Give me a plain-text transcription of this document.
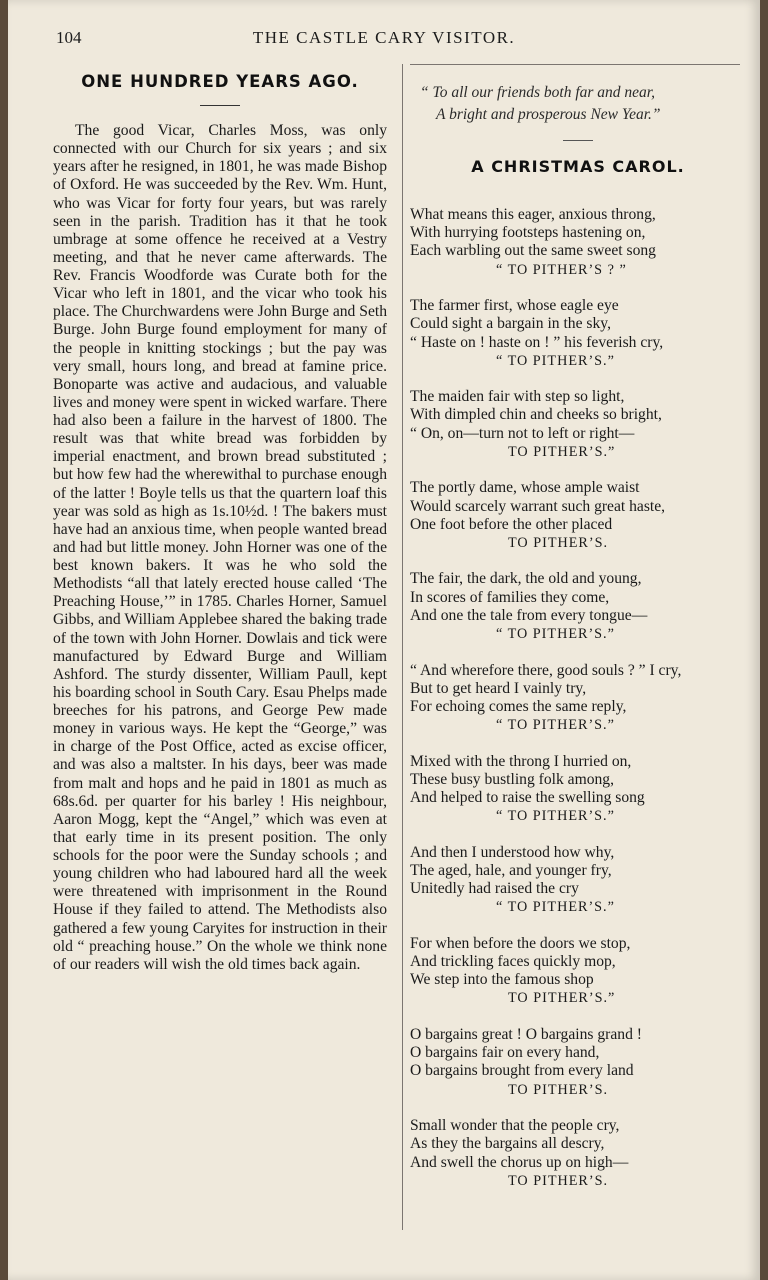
104	THE CASTLE CARY VISITOR.
ONE HUNDRED YEARS AGO.

The good Vicar, Charles Moss, was only connected with our Church for six years ; and six years after he resigned, in 1801, he was made Bishop of Oxford. He was succeeded by the Rev. Wm. Hunt, who was Vicar for forty four years, but was rarely seen in the parish. Tradition has it that he took umbrage at some offence he received at a Vestry meeting, and that he never came afterwards. The Rev. Francis Woodforde was Curate both for the Vicar who left in 1801, and the vicar who took his place. The Churchwardens were John Burge and Seth Burge. John Burge found employment for many of the people in knitting stockings ; but the pay was very small, hours long, and bread at famine price. Bonoparte was active and audacious, and valuable lives and money were spent in wicked warfare. There had also been a failure in the harvest of 1800. The result was that white bread was forbidden by imperial enactment, and brown bread substituted ; but how few had the wherewithal to purchase enough of the latter ! Boyle tells us that the quartern loaf this year was sold as high as 1s.10½d. ! The bakers must have had an anxious time, when people wanted bread and had but little money. John Horner was one of the best known bakers. It was he who sold the Methodists “all that lately erected house called ‘The Preaching House,’” in 1785. Charles Horner, Samuel Gibbs, and William Applebee shared the baking trade of the town with John Horner. Dowlais and tick were manufactured by Edward Burge and William Ashford. The sturdy dissenter, William Paull, kept his boarding school in South Cary. Esau Phelps made breeches for his patrons, and George Pew made money in various ways. He kept the “George,” was in charge of the Post Office, acted as excise officer, and was also a maltster. In his days, beer was made from malt and hops and he paid in 1801 as much as 68s.6d. per quarter for his barley ! His neighbour, Aaron Mogg, kept the “Angel,” which was even at that early time in its present position. The only schools for the poor were the Sunday schools ; and young children who had laboured hard all the week were threatened with imprisonment in the Round House if they failed to attend. The Methodists also gathered a few young Caryites for instruction in their old “ preaching house.” On the whole we think none of our readers will wish the old times back again.

“ To all our friends both far and near,
A bright and prosperous New Year.”
A CHRISTMAS CAROL.
What means this eager, anxious throng,
With hurrying footsteps hastening on,
Each warbling out the same sweet song
“ TO PITHER’S ? ”
The farmer first, whose eagle eye
Could sight a bargain in the sky,
“ Haste on ! haste on ! ” his feverish cry,
“ TO PITHER’S.”
The maiden fair with step so light,
With dimpled chin and cheeks so bright,
“ On, on—turn not to left or right—
TO PITHER’S.”
The portly dame, whose ample waist
Would scarcely warrant such great haste,
One foot before the other placed
TO PITHER’S.
The fair, the dark, the old and young,
In scores of families they come,
And one the tale from every tongue—
“ TO PITHER’S.”
“ And wherefore there, good souls ? ” I cry,
But to get heard I vainly try,
For echoing comes the same reply,
“ TO PITHER’S.”
Mixed with the throng I hurried on,
These busy bustling folk among,
And helped to raise the swelling song
“ TO PITHER’S.”
And then I understood how why,
The aged, hale, and younger fry,
Unitedly had raised the cry
“ TO PITHER’S.”
For when before the doors we stop,
And trickling faces quickly mop,
We step into the famous shop
TO PITHER’S.”
O bargains great ! O bargains grand !
O bargains fair on every hand,
O bargains brought from every land
TO PITHER’S.
Small wonder that the people cry,
As they the bargains all descry,
And swell the chorus up on high—
TO PITHER’S.
